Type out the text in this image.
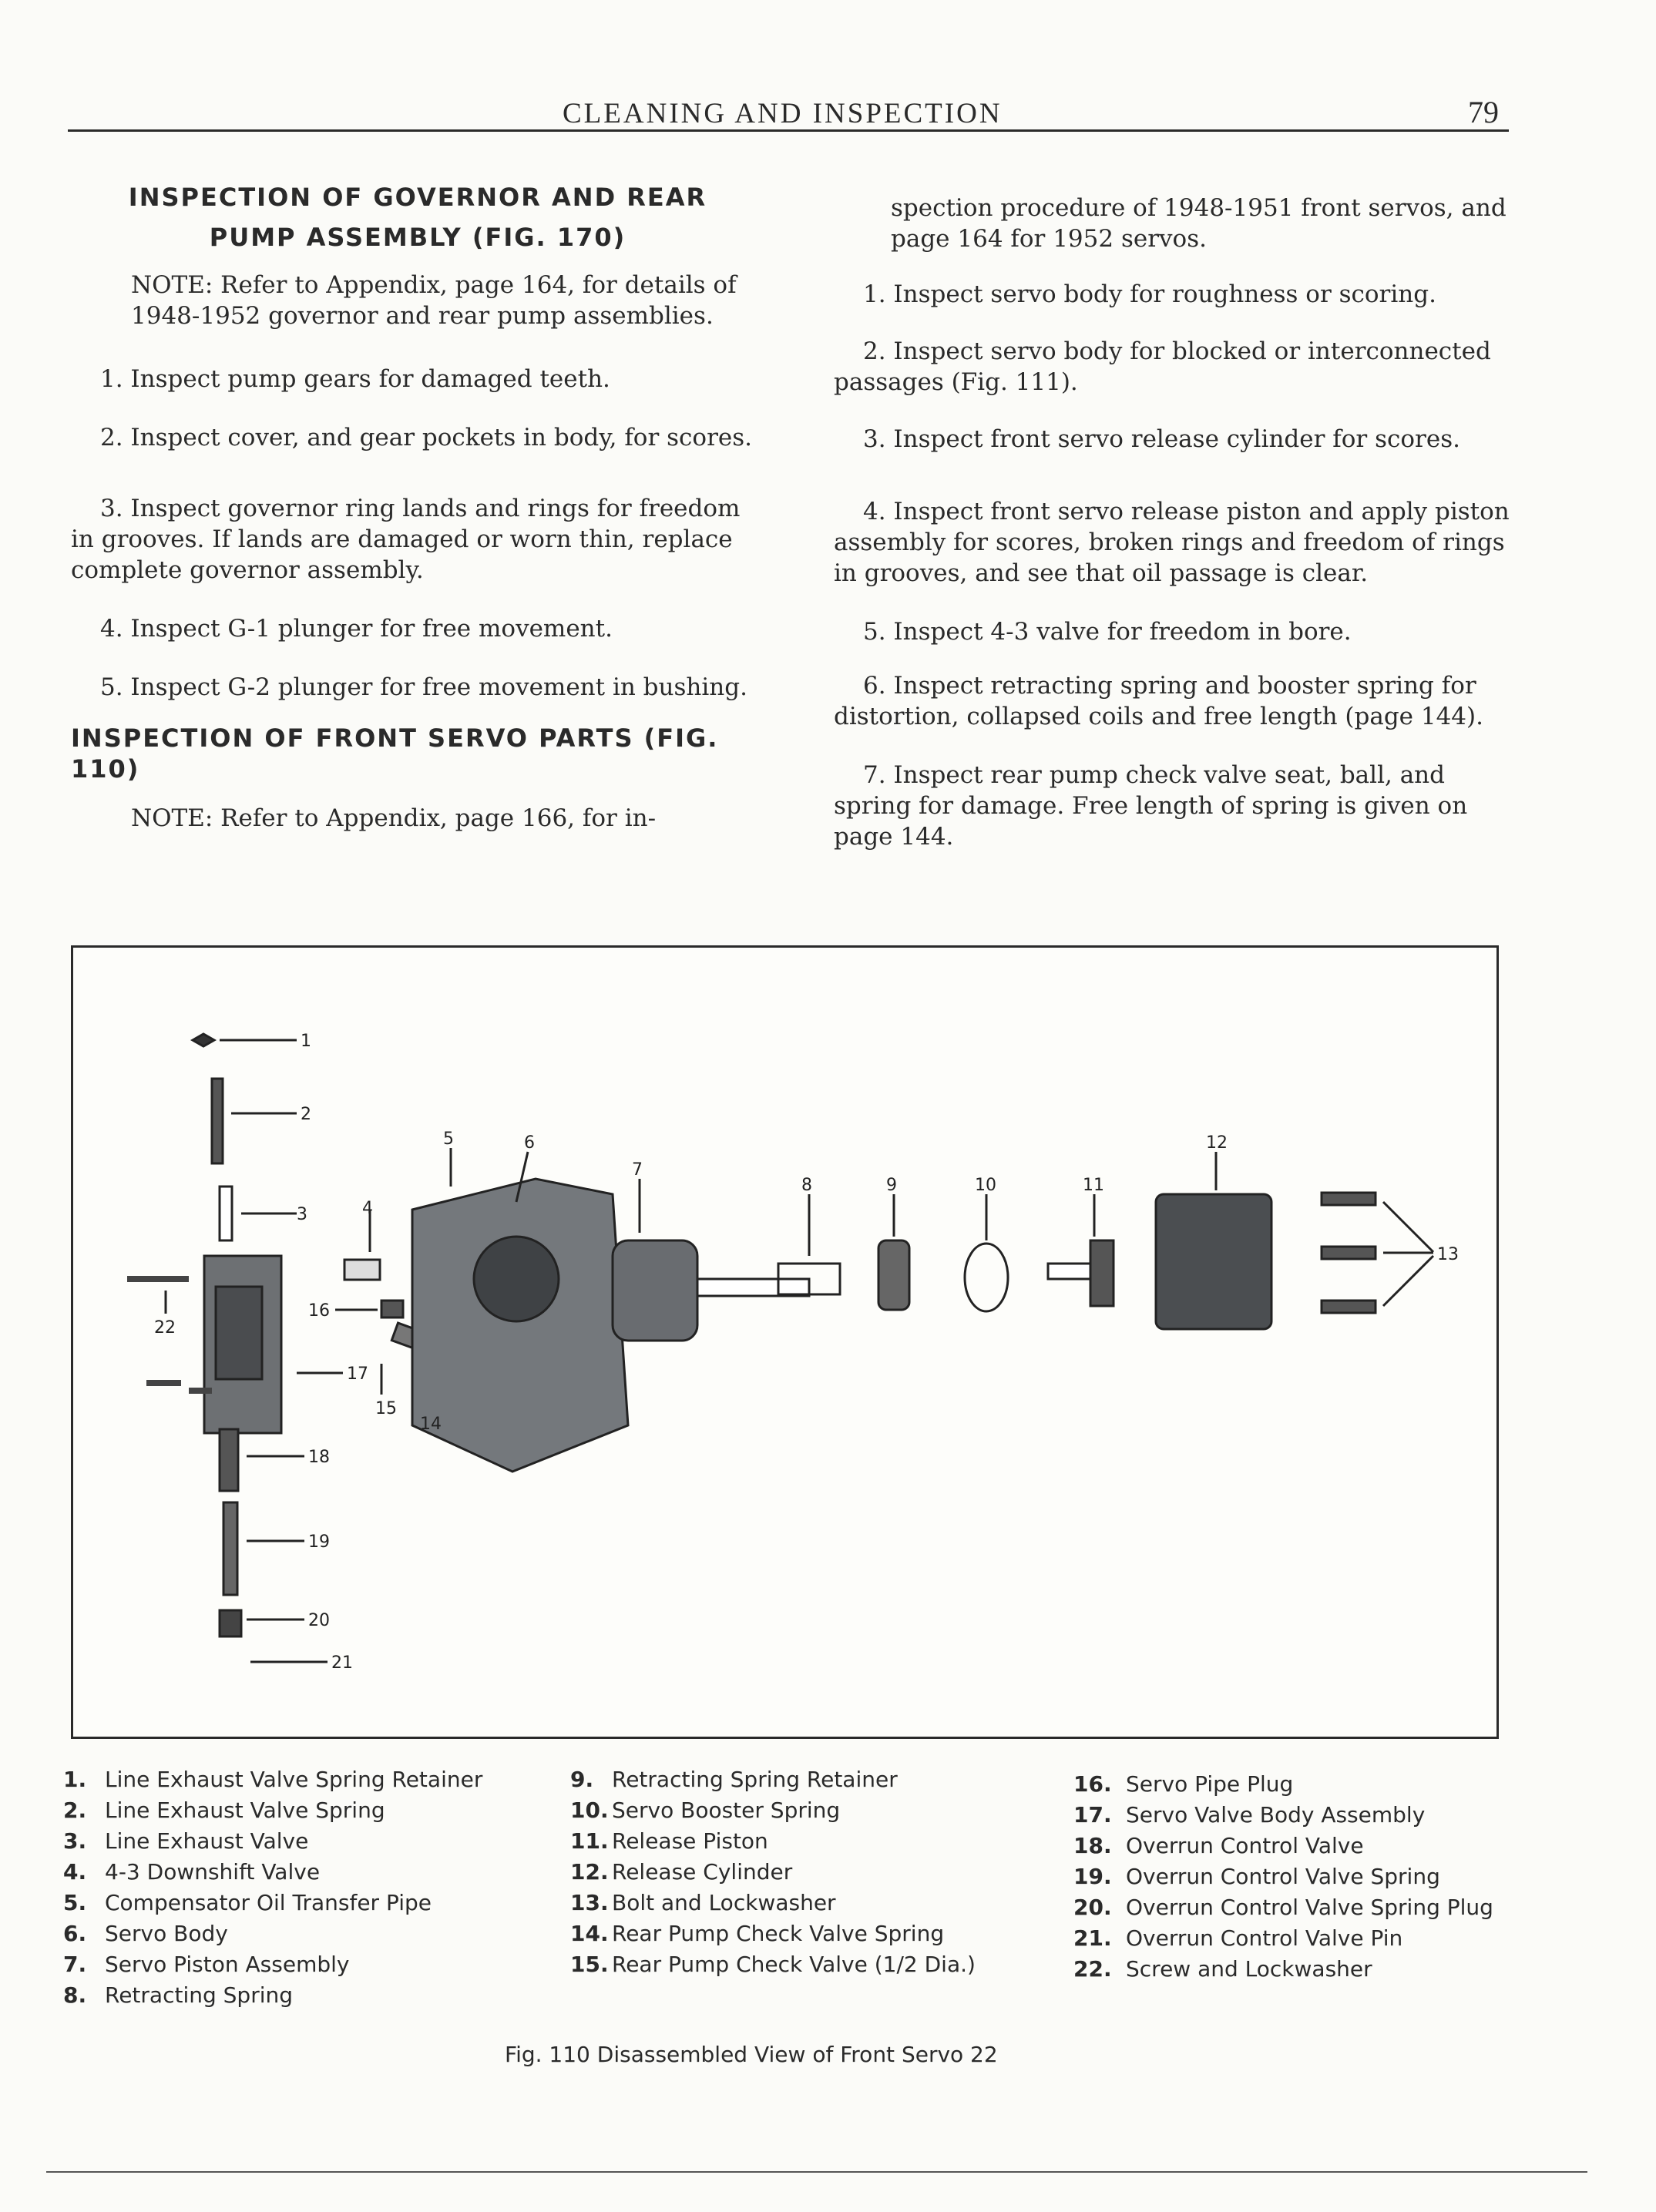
CLEANING AND INSPECTION	79
INSPECTION OF GOVERNOR AND REAR PUMP ASSEMBLY (FIG. 170)

NOTE: Refer to Appendix, page 164, for details of 1948-1952 governor and rear pump assemblies.

1. Inspect pump gears for damaged teeth.

2. Inspect cover, and gear pockets in body, for scores.

3. Inspect governor ring lands and rings for freedom in grooves. If lands are damaged or worn thin, replace complete governor assembly.

4. Inspect G-1 plunger for free movement.

5. Inspect G-2 plunger for free movement in bushing.

INSPECTION OF FRONT SERVO PARTS (FIG. 110)

NOTE: Refer to Appendix, page 166, for in-

spection procedure of 1948-1951 front servos, and page 164 for 1952 servos.

1. Inspect servo body for roughness or scoring.

2. Inspect servo body for blocked or interconnected passages (Fig. 111).

3. Inspect front servo release cylinder for scores.

4. Inspect front servo release piston and apply piston assembly for scores, broken rings and freedom of rings in grooves, and see that oil passage is clear.

5. Inspect 4-3 valve for freedom in bore.

6. Inspect retracting spring and booster spring for distortion, collapsed coils and free length (page 144).

7. Inspect rear pump check valve seat, ball, and spring for damage. Free length of spring is given on page 144.

1
2
3	4
5	6
7
8	9	10	11
12
13
14
15
16
17
18
19
20
21
22
1. Line Exhaust Valve Spring Retainer
2. Line Exhaust Valve Spring
3. Line Exhaust Valve
4. 4-3 Downshift Valve
5. Compensator Oil Transfer Pipe
6. Servo Body
7. Servo Piston Assembly
8. Retracting Spring
9. Retracting Spring Retainer
10. Servo Booster Spring
11. Release Piston
12. Release Cylinder
13. Bolt and Lockwasher
14. Rear Pump Check Valve Spring
15. Rear Pump Check Valve (1/2 Dia.)
16. Servo Pipe Plug
17. Servo Valve Body Assembly
18. Overrun Control Valve
19. Overrun Control Valve Spring
20. Overrun Control Valve Spring Plug
21. Overrun Control Valve Pin
22. Screw and Lockwasher
Fig. 110 Disassembled View of Front Servo 22
